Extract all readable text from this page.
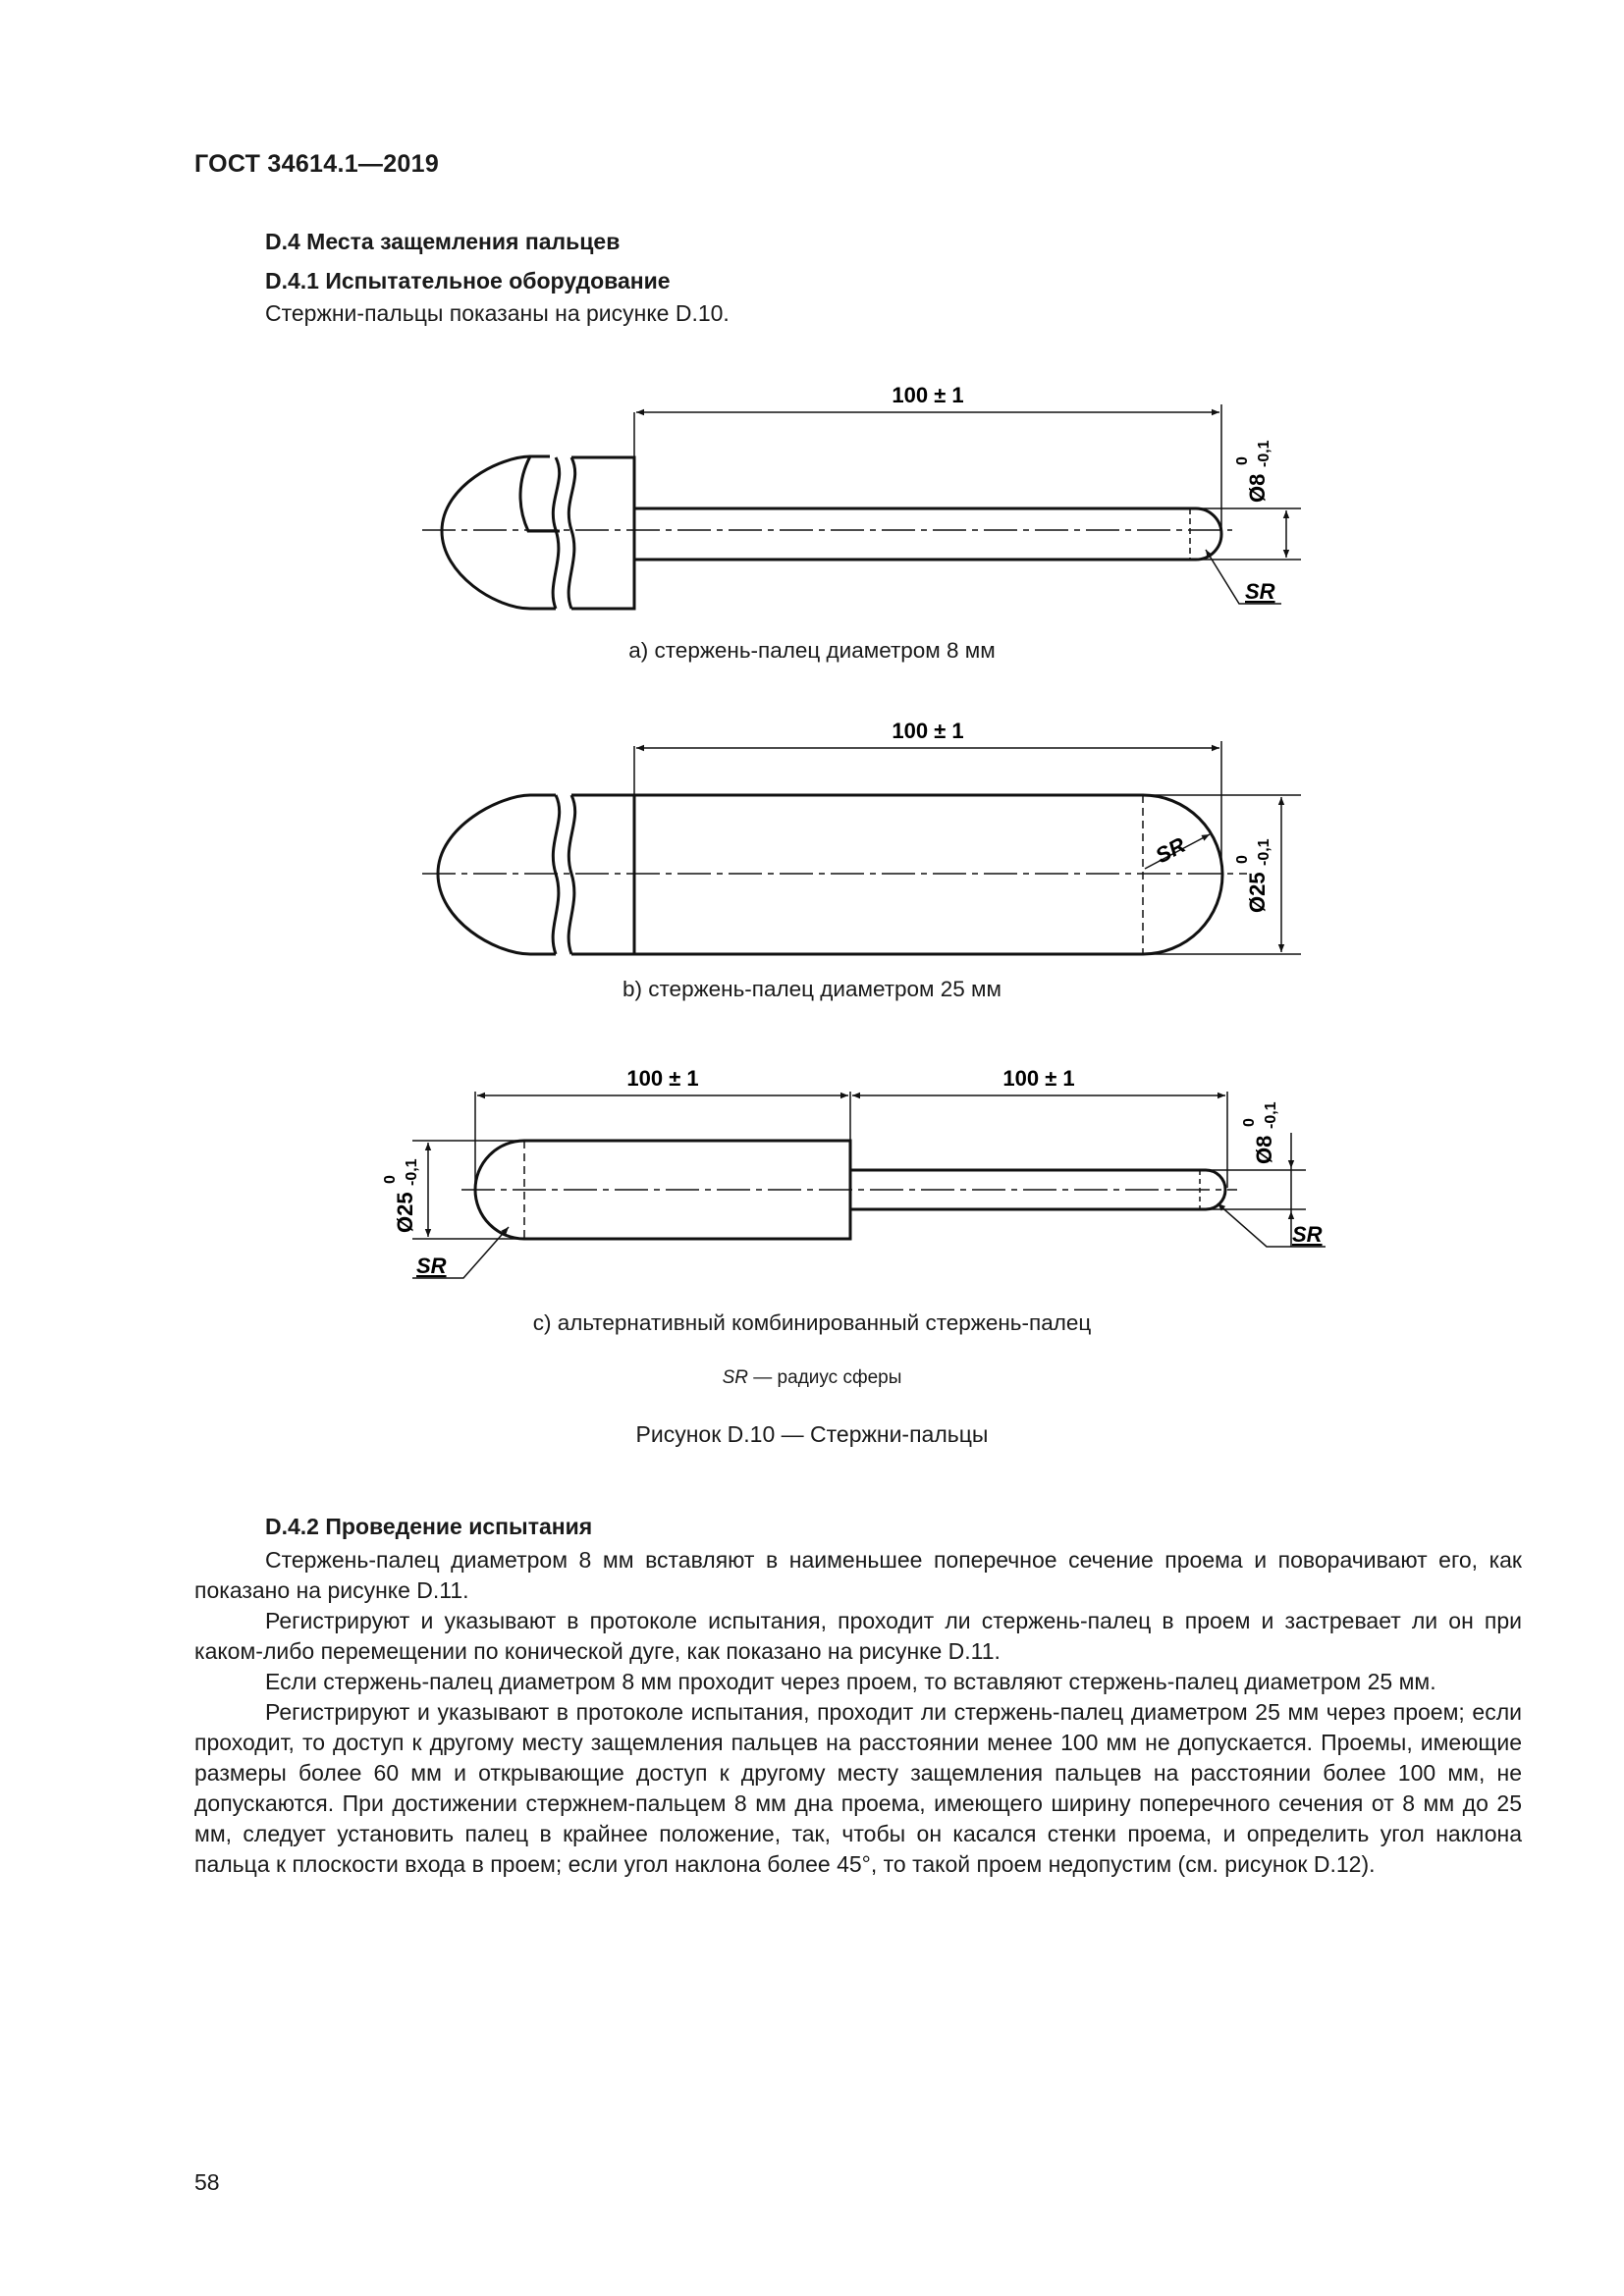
ГОСТ 34614.1—2019
D.4 Места защемления пальцев
D.4.1 Испытательное оборудование
Стержни-пальцы показаны на рисунке D.10.
100 ± 1
Ø8
0 -0,1
SR
100 ± 1
Ø25
0 -0,1
SR
100 ± 1	100 ± 1
Ø25
0 -0,1
Ø8
0 -0,1
SR
SR
a) стержень-палец диаметром 8 мм
b) стержень-палец диаметром 25 мм
c) альтернативный комбинированный стержень-палец
SR — радиус сферы
Рисунок D.10 — Стержни-пальцы
D.4.2 Проведение испытания

Стержень-палец диаметром 8 мм вставляют в наименьшее поперечное сечение проема и поворачивают его, как показано на рисунке D.11.

Регистрируют и указывают в протоколе испытания, проходит ли стержень-палец в проем и застревает ли он при каком-либо перемещении по конической дуге, как показано на рисунке D.11.

Если стержень-палец диаметром 8 мм проходит через проем, то вставляют стержень-палец диаметром 25 мм.

Регистрируют и указывают в протоколе испытания, проходит ли стержень-палец диаметром 25 мм через проем; если проходит, то доступ к другому месту защемления пальцев на расстоянии менее 100 мм не допускается. Проемы, имеющие размеры более 60 мм и открывающие доступ к другому месту защемления пальцев на расстоянии более 100 мм, не допускаются. При достижении стержнем-пальцем 8 мм дна проема, имеющего ширину поперечного сечения от 8 мм до 25 мм, следует установить палец в крайнее положение, так, чтобы он касался стенки проема, и определить угол наклона пальца к плоскости входа в проем; если угол наклона более 45°, то такой проем недопустим (см. рисунок D.12).

58
